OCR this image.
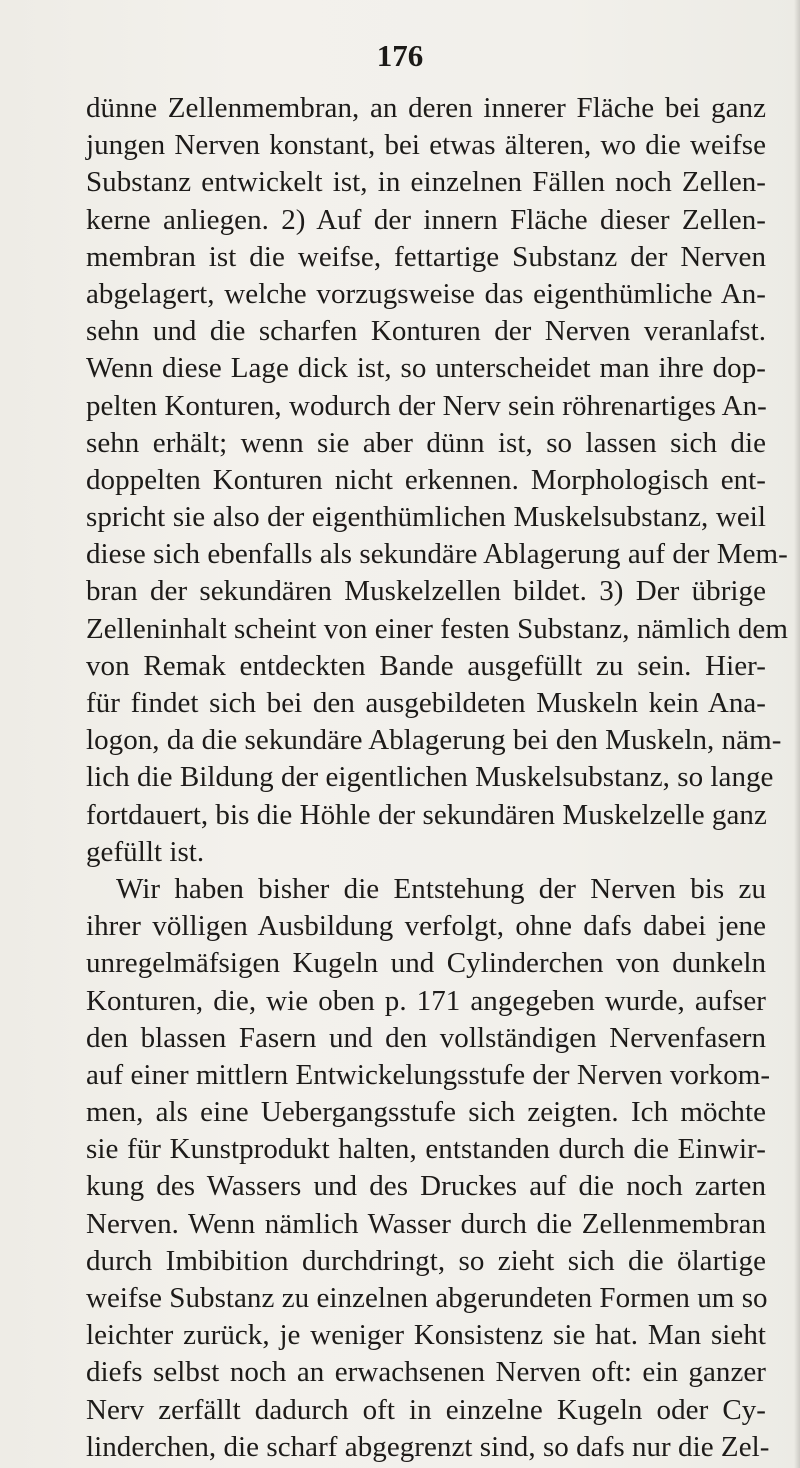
176
dünne Zellenmembran, an deren innerer Fläche bei ganz
jungen Nerven konstant, bei etwas älteren, wo die weifse
Substanz entwickelt ist, in einzelnen Fällen noch Zellen-
kerne anliegen. 2) Auf der innern Fläche dieser Zellen-
membran ist die weifse, fettartige Substanz der Nerven
abgelagert, welche vorzugsweise das eigenthümliche An-
sehn und die scharfen Konturen der Nerven veranlafst.
Wenn diese Lage dick ist, so unterscheidet man ihre dop-
pelten Konturen, wodurch der Nerv sein röhrenartiges An-
sehn erhält; wenn sie aber dünn ist, so lassen sich die
doppelten Konturen nicht erkennen. Morphologisch ent-
spricht sie also der eigenthümlichen Muskelsubstanz, weil
diese sich ebenfalls als sekundäre Ablagerung auf der Mem-
bran der sekundären Muskelzellen bildet. 3) Der übrige
Zelleninhalt scheint von einer festen Substanz, nämlich dem
von Remak entdeckten Bande ausgefüllt zu sein. Hier-
für findet sich bei den ausgebildeten Muskeln kein Ana-
logon, da die sekundäre Ablagerung bei den Muskeln, näm-
lich die Bildung der eigentlichen Muskelsubstanz, so lange
fortdauert, bis die Höhle der sekundären Muskelzelle ganz
gefüllt ist.
Wir haben bisher die Entstehung der Nerven bis zu
ihrer völligen Ausbildung verfolgt, ohne dafs dabei jene
unregelmäfsigen Kugeln und Cylinderchen von dunkeln
Konturen, die, wie oben p. 171 angegeben wurde, aufser
den blassen Fasern und den vollständigen Nervenfasern
auf einer mittlern Entwickelungsstufe der Nerven vorkom-
men, als eine Uebergangsstufe sich zeigten. Ich möchte
sie für Kunstprodukt halten, entstanden durch die Einwir-
kung des Wassers und des Druckes auf die noch zarten
Nerven. Wenn nämlich Wasser durch die Zellenmembran
durch Imbibition durchdringt, so zieht sich die ölartige
weifse Substanz zu einzelnen abgerundeten Formen um so
leichter zurück, je weniger Konsistenz sie hat. Man sieht
diefs selbst noch an erwachsenen Nerven oft: ein ganzer
Nerv zerfällt dadurch oft in einzelne Kugeln oder Cy-
linderchen, die scharf abgegrenzt sind, so dafs nur die Zel-
